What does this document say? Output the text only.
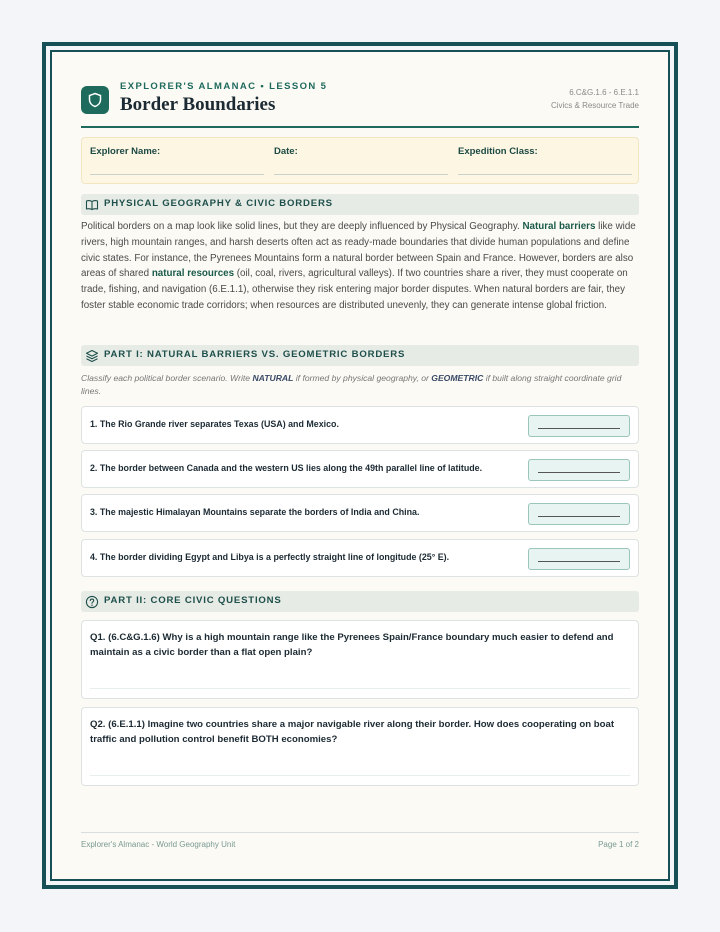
EXPLORER'S ALMANAC • LESSON 5
Border Boundaries
6.C&G.1.6 - 6.E.1.1
Civics & Resource Trade
Explorer Name:	Date:	Expedition Class:
PHYSICAL GEOGRAPHY & CIVIC BORDERS
Political borders on a map look like solid lines, but they are deeply influenced by Physical Geography. Natural barriers like wide rivers, high mountain ranges, and harsh deserts often act as ready-made boundaries that divide human populations and define civic states. For instance, the Pyrenees Mountains form a natural border between Spain and France. However, borders are also areas of shared natural resources (oil, coal, rivers, agricultural valleys). If two countries share a river, they must cooperate on trade, fishing, and navigation (6.E.1.1), otherwise they risk entering major border disputes. When natural borders are fair, they foster stable economic trade corridors; when resources are distributed unevenly, they can generate intense global friction.
PART I: NATURAL BARRIERS VS. GEOMETRIC BORDERS
Classify each political border scenario. Write NATURAL if formed by physical geography, or GEOMETRIC if built along straight coordinate grid lines.
1. The Rio Grande river separates Texas (USA) and Mexico.
2. The border between Canada and the western US lies along the 49th parallel line of latitude.
3. The majestic Himalayan Mountains separate the borders of India and China.
4. The border dividing Egypt and Libya is a perfectly straight line of longitude (25° E).
PART II: CORE CIVIC QUESTIONS
Q1. (6.C&G.1.6) Why is a high mountain range like the Pyrenees Spain/France boundary much easier to defend and maintain as a civic border than a flat open plain?
Q2. (6.E.1.1) Imagine two countries share a major navigable river along their border. How does cooperating on boat traffic and pollution control benefit BOTH economies?
Explorer's Almanac - World Geography Unit	Page 1 of 2
